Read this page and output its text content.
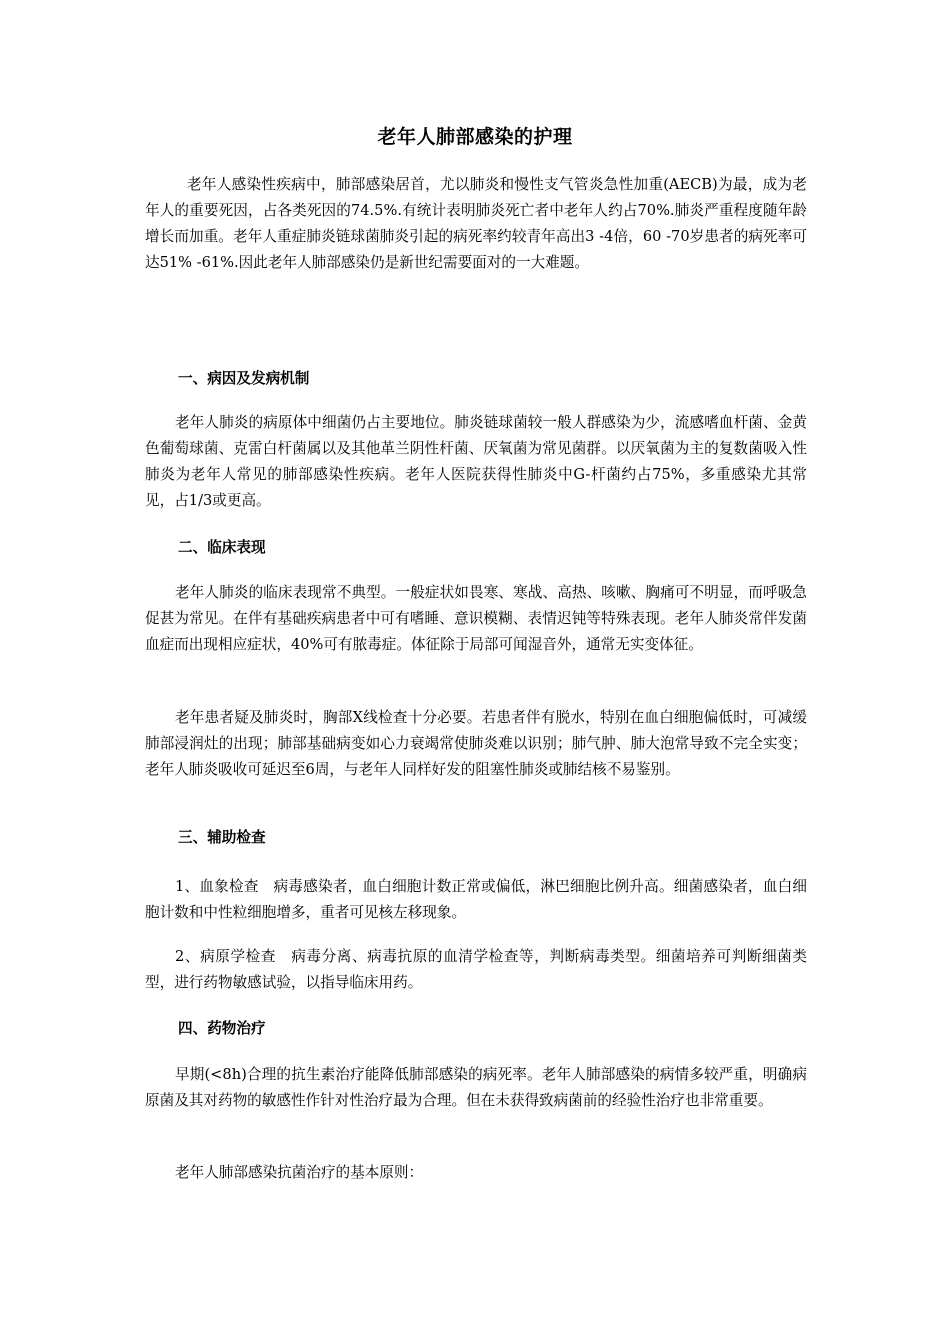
老年人肺部感染的护理

老年人感染性疾病中，肺部感染居首，尤以肺炎和慢性支气管炎急性加重(AECB)为最，成为老年人的重要死因，占各类死因的74.5%.有统计表明肺炎死亡者中老年人约占70%.肺炎严重程度随年龄增长而加重。老年人重症肺炎链球菌肺炎引起的病死率约较青年高出3 -4倍，60 -70岁患者的病死率可达51% -61%.因此老年人肺部感染仍是新世纪需要面对的一大难题。

一、病因及发病机制

老年人肺炎的病原体中细菌仍占主要地位。肺炎链球菌较一般人群感染为少，流感嗜血杆菌、金黄色葡萄球菌、克雷白杆菌属以及其他革兰阴性杆菌、厌氧菌为常见菌群。以厌氧菌为主的复数菌吸入性肺炎为老年人常见的肺部感染性疾病。老年人医院获得性肺炎中G-杆菌约占75%，多重感染尤其常见，占1/3或更高。

二、临床表现

老年人肺炎的临床表现常不典型。一般症状如畏寒、寒战、高热、咳嗽、胸痛可不明显，而呼吸急促甚为常见。在伴有基础疾病患者中可有嗜睡、意识模糊、表情迟钝等特殊表现。老年人肺炎常伴发菌血症而出现相应症状，40%可有脓毒症。体征除于局部可闻湿音外，通常无实变体征。

老年患者疑及肺炎时，胸部X线检查十分必要。若患者伴有脱水，特别在血白细胞偏低时，可减缓肺部浸润灶的出现；肺部基础病变如心力衰竭常使肺炎难以识别；肺气肿、肺大泡常导致不完全实变；老年人肺炎吸收可延迟至6周，与老年人同样好发的阻塞性肺炎或肺结核不易鉴别。

三、辅助检查

1、血象检查　病毒感染者，血白细胞计数正常或偏低，淋巴细胞比例升高。细菌感染者，血白细胞计数和中性粒细胞增多，重者可见核左移现象。

2、病原学检查　病毒分离、病毒抗原的血清学检查等，判断病毒类型。细菌培养可判断细菌类型，进行药物敏感试验，以指导临床用药。

四、药物治疗

早期(<8h)合理的抗生素治疗能降低肺部感染的病死率。老年人肺部感染的病情多较严重，明确病原菌及其对药物的敏感性作针对性治疗最为合理。但在未获得致病菌前的经验性治疗也非常重要。

老年人肺部感染抗菌治疗的基本原则：
